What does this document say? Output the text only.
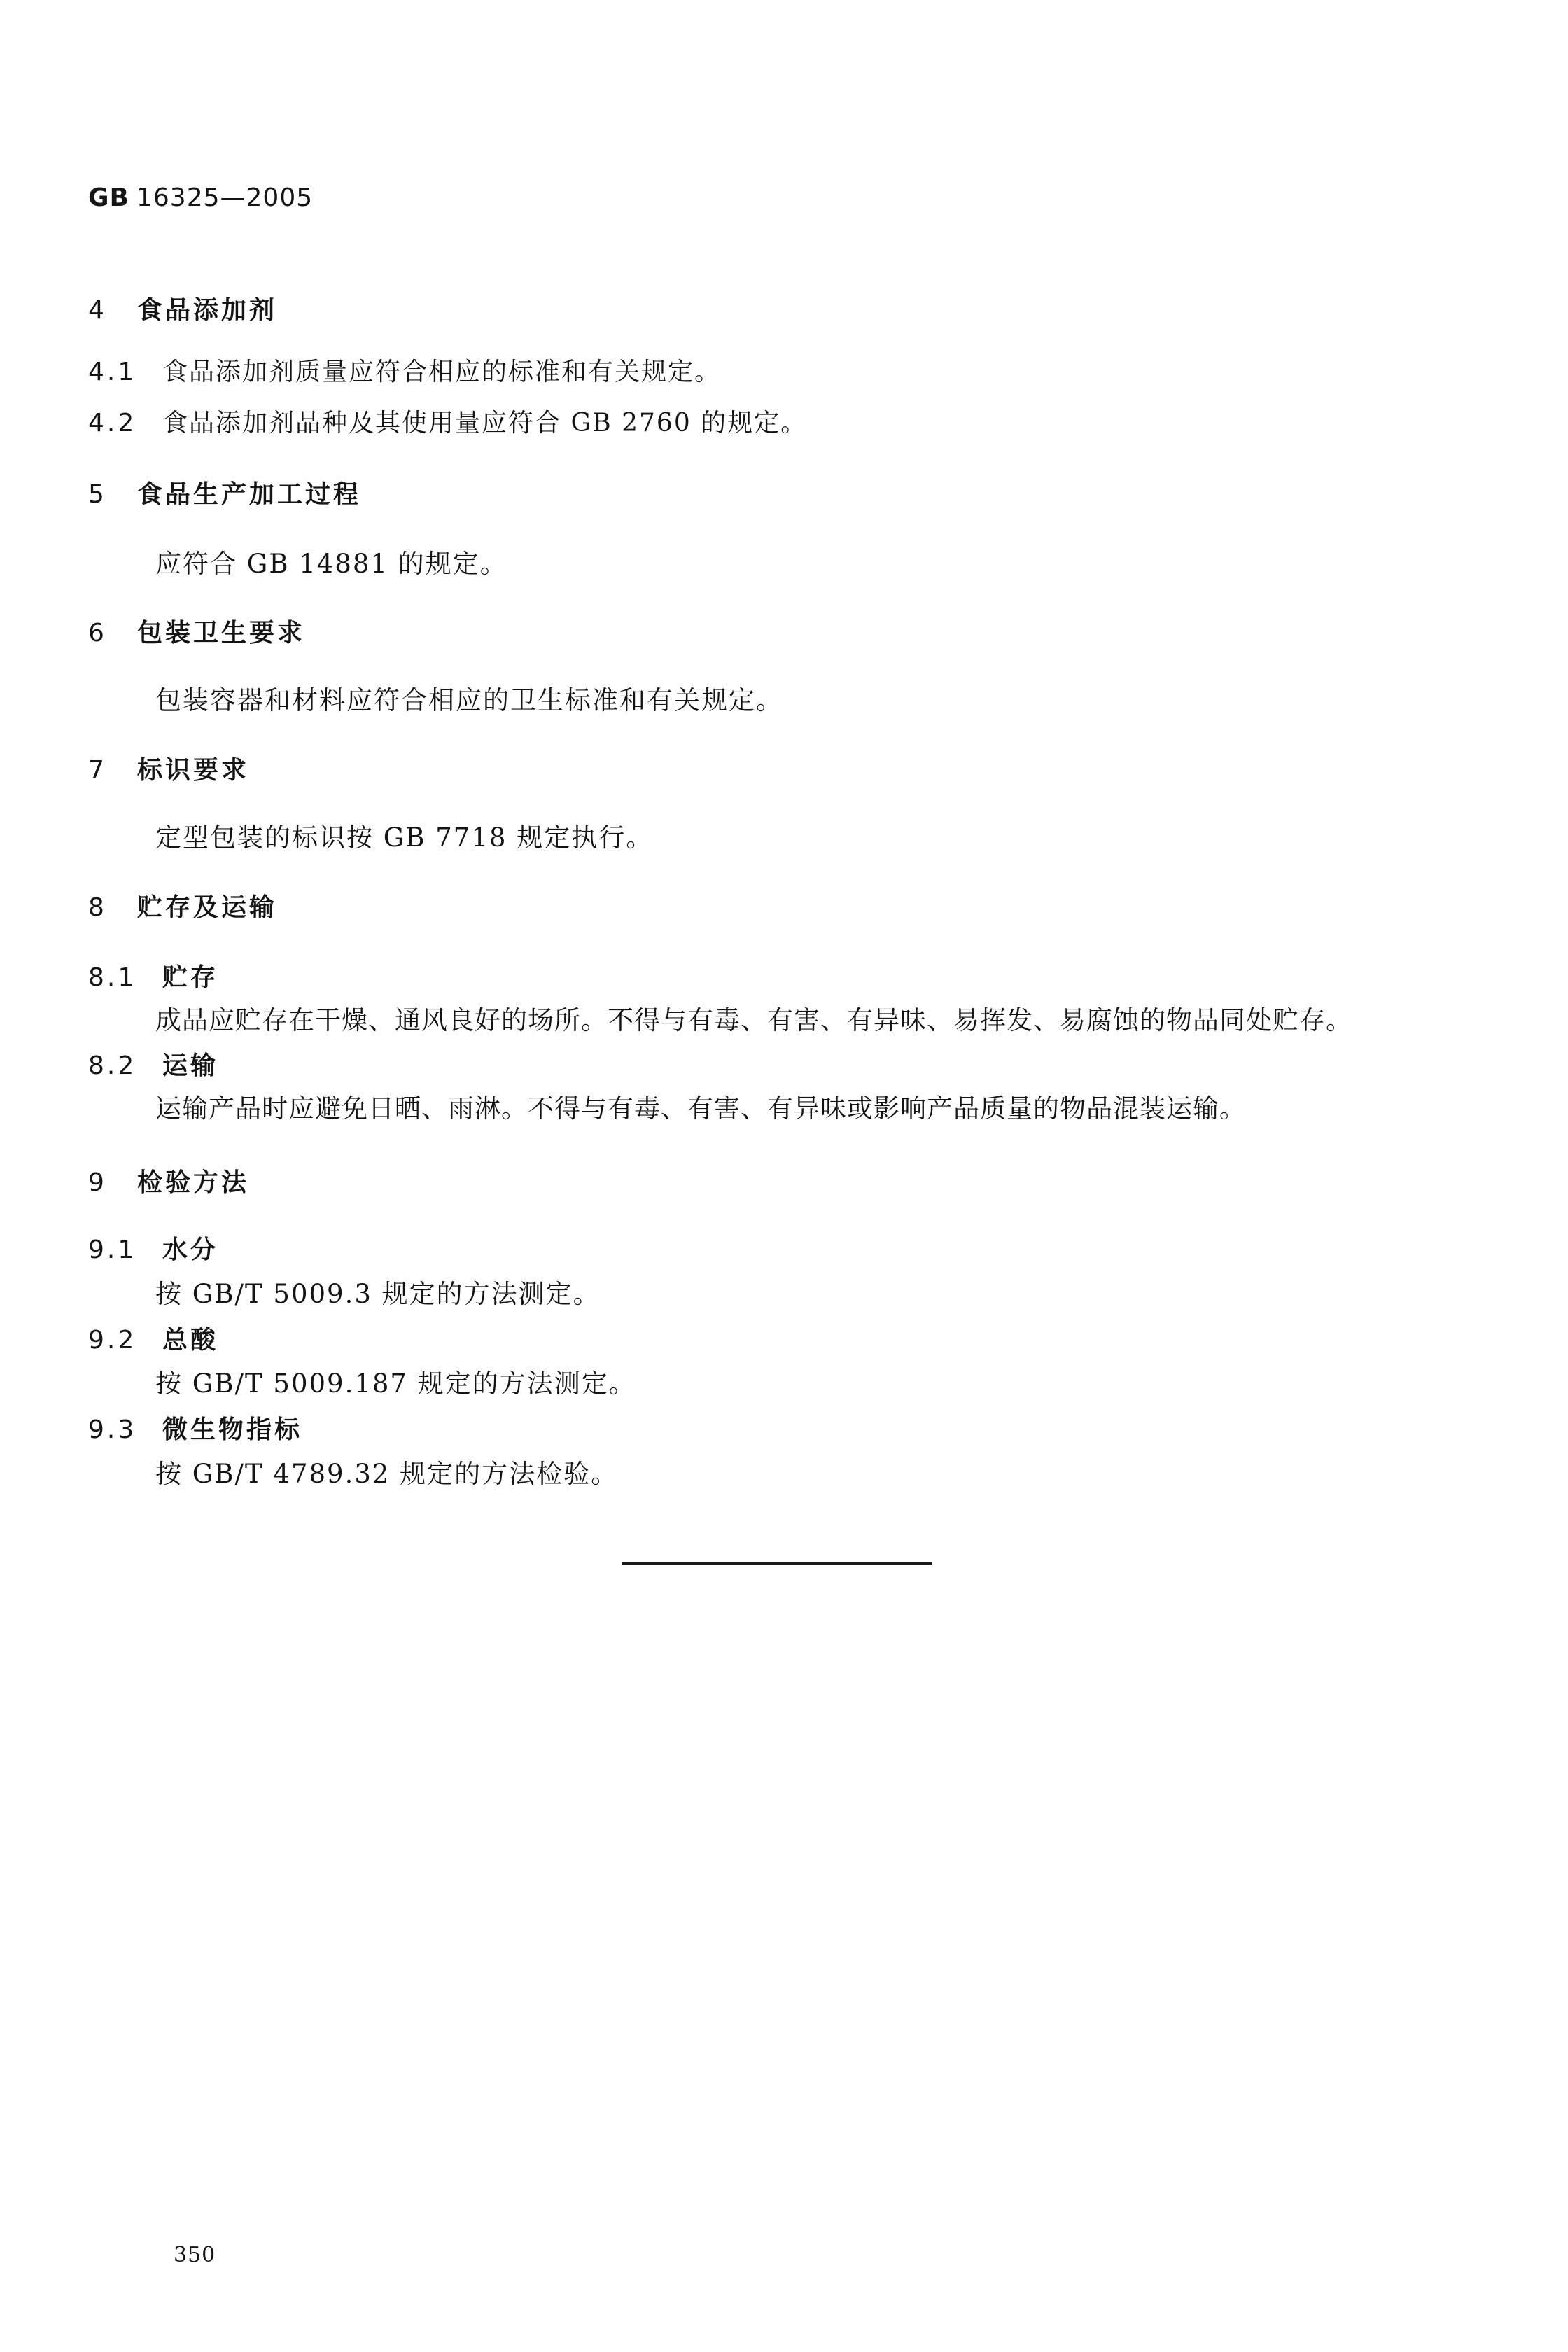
GB 16325—2005
4 食品添加剂
4.1 食品添加剂质量应符合相应的标准和有关规定。
4.2 食品添加剂品种及其使用量应符合 GB 2760 的规定。
5 食品生产加工过程
应符合 GB 14881 的规定。
6 包装卫生要求
包装容器和材料应符合相应的卫生标准和有关规定。
7 标识要求
定型包装的标识按 GB 7718 规定执行。
8 贮存及运输
8.1 贮存
成品应贮存在干燥、通风良好的场所。不得与有毒、有害、有异味、易挥发、易腐蚀的物品同处贮存。
8.2 运输
运输产品时应避免日晒、雨淋。不得与有毒、有害、有异味或影响产品质量的物品混装运输。
9 检验方法
9.1 水分
按 GB/T 5009.3 规定的方法测定。
9.2 总酸
按 GB/T 5009.187 规定的方法测定。
9.3 微生物指标
按 GB/T 4789.32 规定的方法检验。
350
